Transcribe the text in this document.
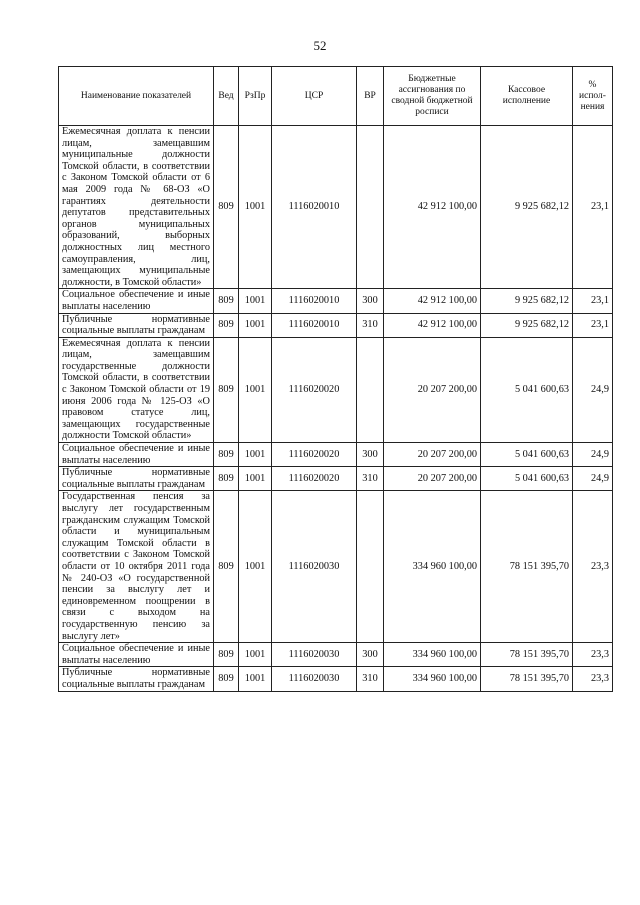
52
Наименование показателей	Вед	РзПр	ЦСР	ВР	Бюджетные ассигнования по сводной бюджетной росписи	Кассовое исполнение	% испол-нения
Ежемесячная доплата к пенсии лицам, замещавшим муниципальные должности Томской области, в соответствии с Законом Томской области от 6 мая 2009 года № 68-ОЗ «О гарантиях деятельности депутатов представительных органов муниципальных образований, выборных должностных лиц местного самоуправления, лиц, замещающих муниципальные должности, в Томской области»	809	1001	1116020010		42 912 100,00	9 925 682,12	23,1
Социальное обеспечение и иные выплаты населению	809	1001	1116020010	300	42 912 100,00	9 925 682,12	23,1
Публичные нормативные социальные выплаты гражданам	809	1001	1116020010	310	42 912 100,00	9 925 682,12	23,1
Ежемесячная доплата к пенсии лицам, замещавшим государственные должности Томской области, в соответствии с Законом Томской области от 19 июня 2006 года № 125-ОЗ «О правовом статусе лиц, замещающих государственные должности Томской области»	809	1001	1116020020		20 207 200,00	5 041 600,63	24,9
Социальное обеспечение и иные выплаты населению	809	1001	1116020020	300	20 207 200,00	5 041 600,63	24,9
Публичные нормативные социальные выплаты гражданам	809	1001	1116020020	310	20 207 200,00	5 041 600,63	24,9
Государственная пенсия за выслугу лет государственным гражданским служащим Томской области и муниципальным служащим Томской области в соответствии с Законом Томской области от 10 октября 2011 года № 240-ОЗ «О государственной пенсии за выслугу лет и единовременном поощрении в связи с выходом на государственную пенсию за выслугу лет»	809	1001	1116020030		334 960 100,00	78 151 395,70	23,3
Социальное обеспечение и иные выплаты населению	809	1001	1116020030	300	334 960 100,00	78 151 395,70	23,3
Публичные нормативные социальные выплаты гражданам	809	1001	1116020030	310	334 960 100,00	78 151 395,70	23,3
